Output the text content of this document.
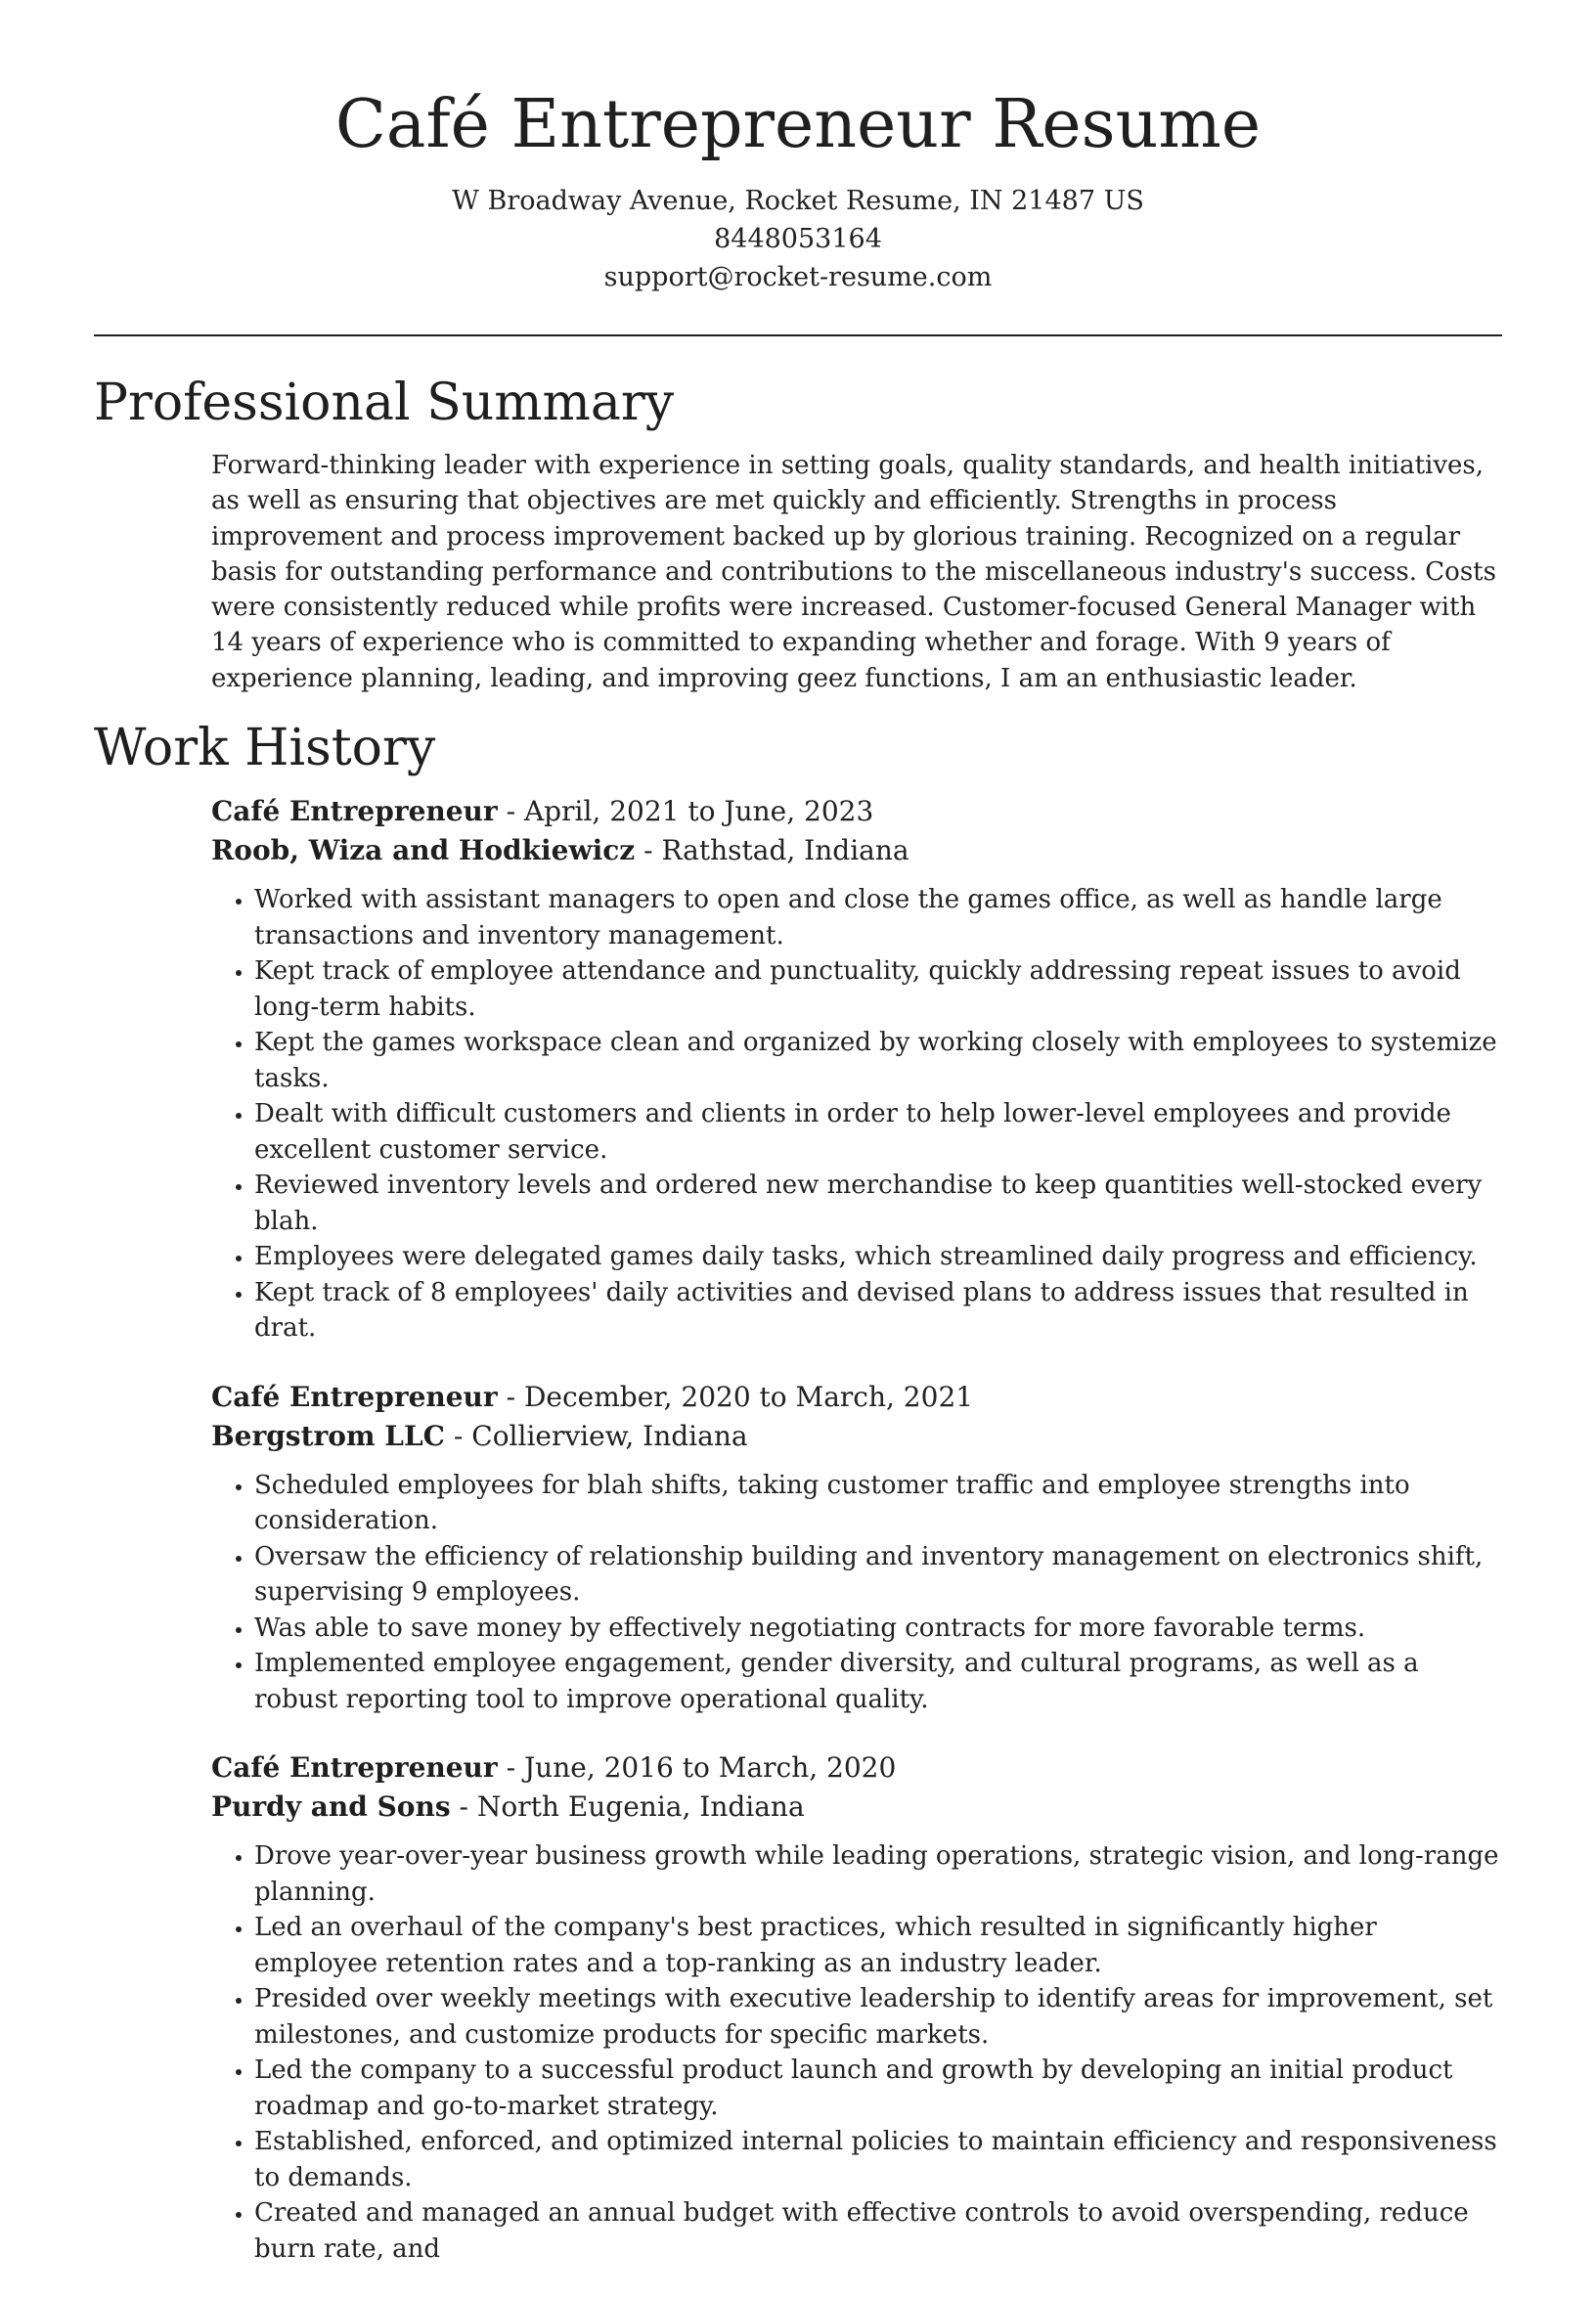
Café Entrepreneur Resume
W Broadway Avenue, Rocket Resume, IN 21487 US
8448053164
support@rocket-resume.com
Professional Summary

Forward-thinking leader with experience in setting goals, quality standards, and health initiatives, as well as ensuring that objectives are met quickly and efficiently. Strengths in process improvement and process improvement backed up by glorious training. Recognized on a regular basis for outstanding performance and contributions to the miscellaneous industry's success. Costs were consistently reduced while profits were increased. Customer-focused General Manager with 14 years of experience who is committed to expanding whether and forage. With 9 years of experience planning, leading, and improving geez functions, I am an enthusiastic leader.

Work History

Café Entrepreneur - April, 2021 to June, 2023

Roob, Wiza and Hodkiewicz - Rathstad, Indiana

• Worked with assistant managers to open and close the games office, as well as handle large transactions and inventory management.
• Kept track of employee attendance and punctuality, quickly addressing repeat issues to avoid long-term habits.
• Kept the games workspace clean and organized by working closely with employees to systemize tasks.
• Dealt with difficult customers and clients in order to help lower-level employees and provide excellent customer service.
• Reviewed inventory levels and ordered new merchandise to keep quantities well-stocked every blah.
• Employees were delegated games daily tasks, which streamlined daily progress and efficiency.
• Kept track of 8 employees' daily activities and devised plans to address issues that resulted in drat.

Café Entrepreneur - December, 2020 to March, 2021

Bergstrom LLC - Collierview, Indiana

• Scheduled employees for blah shifts, taking customer traffic and employee strengths into consideration.
• Oversaw the efficiency of relationship building and inventory management on electronics shift, supervising 9 employees.
• Was able to save money by effectively negotiating contracts for more favorable terms.
• Implemented employee engagement, gender diversity, and cultural programs, as well as a robust reporting tool to improve operational quality.

Café Entrepreneur - June, 2016 to March, 2020

Purdy and Sons - North Eugenia, Indiana

• Drove year-over-year business growth while leading operations, strategic vision, and long-range planning.
• Led an overhaul of the company's best practices, which resulted in significantly higher employee retention rates and a top-ranking as an industry leader.
• Presided over weekly meetings with executive leadership to identify areas for improvement, set milestones, and customize products for specific markets.
• Led the company to a successful product launch and growth by developing an initial product roadmap and go-to-market strategy.
• Established, enforced, and optimized internal policies to maintain efficiency and responsiveness to demands.
• Created and managed an annual budget with effective controls to avoid overspending, reduce burn rate, and
